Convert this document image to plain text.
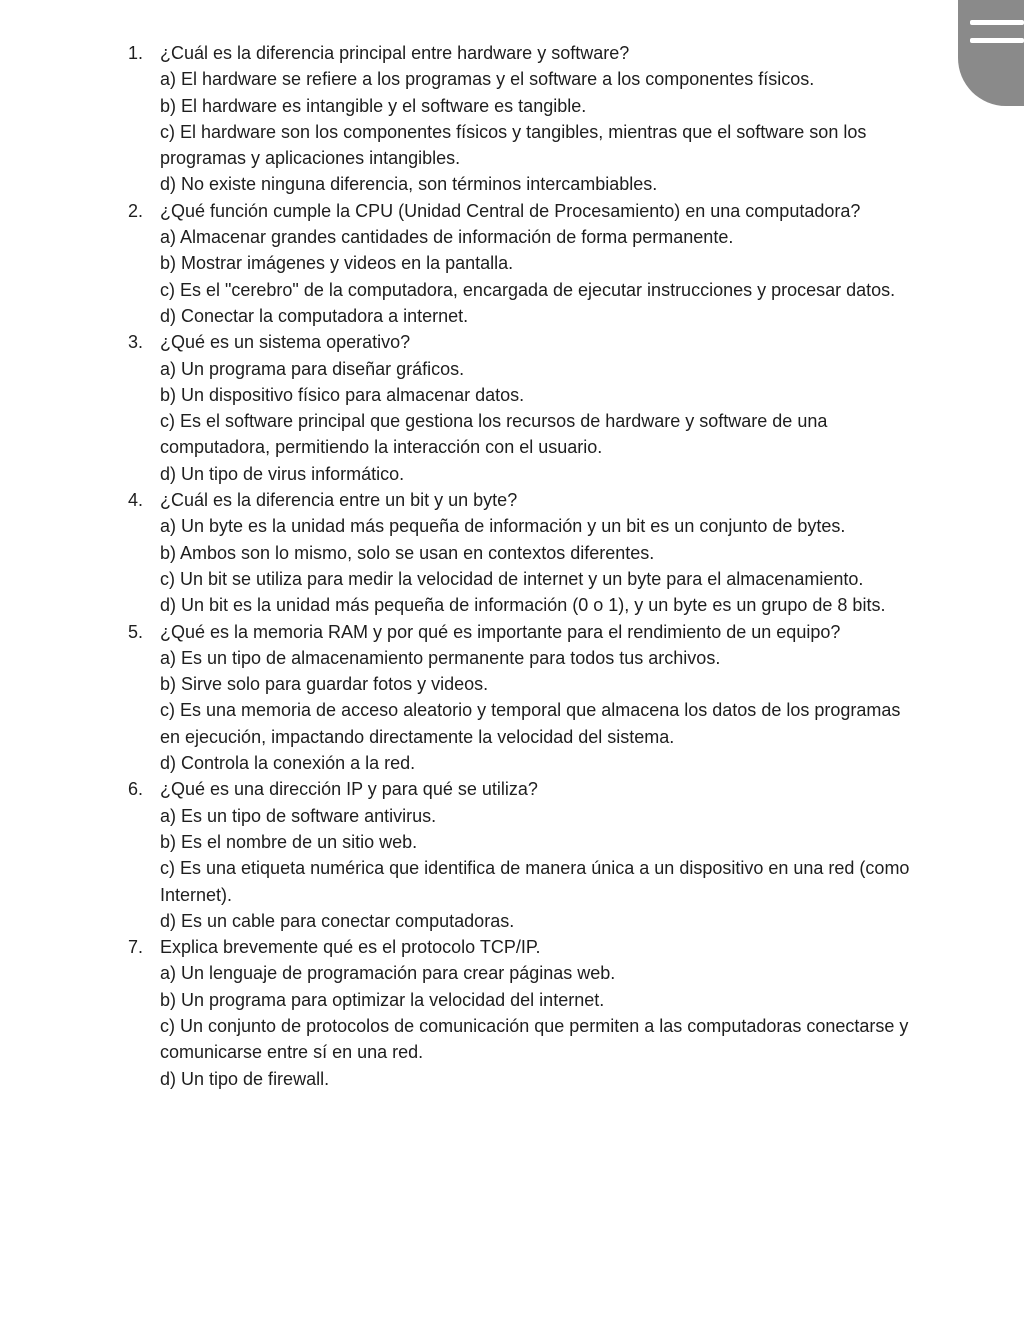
1. ¿Cuál es la diferencia principal entre hardware y software?
a) El hardware se refiere a los programas y el software a los componentes físicos.
b) El hardware es intangible y el software es tangible.
c) El hardware son los componentes físicos y tangibles, mientras que el software son los programas y aplicaciones intangibles.
d) No existe ninguna diferencia, son términos intercambiables.
2. ¿Qué función cumple la CPU (Unidad Central de Procesamiento) en una computadora?
a) Almacenar grandes cantidades de información de forma permanente.
b) Mostrar imágenes y videos en la pantalla.
c) Es el "cerebro" de la computadora, encargada de ejecutar instrucciones y procesar datos.
d) Conectar la computadora a internet.
3. ¿Qué es un sistema operativo?
a) Un programa para diseñar gráficos.
b) Un dispositivo físico para almacenar datos.
c) Es el software principal que gestiona los recursos de hardware y software de una computadora, permitiendo la interacción con el usuario.
d) Un tipo de virus informático.
4. ¿Cuál es la diferencia entre un bit y un byte?
a) Un byte es la unidad más pequeña de información y un bit es un conjunto de bytes.
b) Ambos son lo mismo, solo se usan en contextos diferentes.
c) Un bit se utiliza para medir la velocidad de internet y un byte para el almacenamiento.
d) Un bit es la unidad más pequeña de información (0 o 1), y un byte es un grupo de 8 bits.
5. ¿Qué es la memoria RAM y por qué es importante para el rendimiento de un equipo?
a) Es un tipo de almacenamiento permanente para todos tus archivos.
b) Sirve solo para guardar fotos y videos.
c) Es una memoria de acceso aleatorio y temporal que almacena los datos de los programas en ejecución, impactando directamente la velocidad del sistema.
d) Controla la conexión a la red.
6. ¿Qué es una dirección IP y para qué se utiliza?
a) Es un tipo de software antivirus.
b) Es el nombre de un sitio web.
c) Es una etiqueta numérica que identifica de manera única a un dispositivo en una red (como Internet).
d) Es un cable para conectar computadoras.
7. Explica brevemente qué es el protocolo TCP/IP.
a) Un lenguaje de programación para crear páginas web.
b) Un programa para optimizar la velocidad del internet.
c) Un conjunto de protocolos de comunicación que permiten a las computadoras conectarse y comunicarse entre sí en una red.
d) Un tipo de firewall.
